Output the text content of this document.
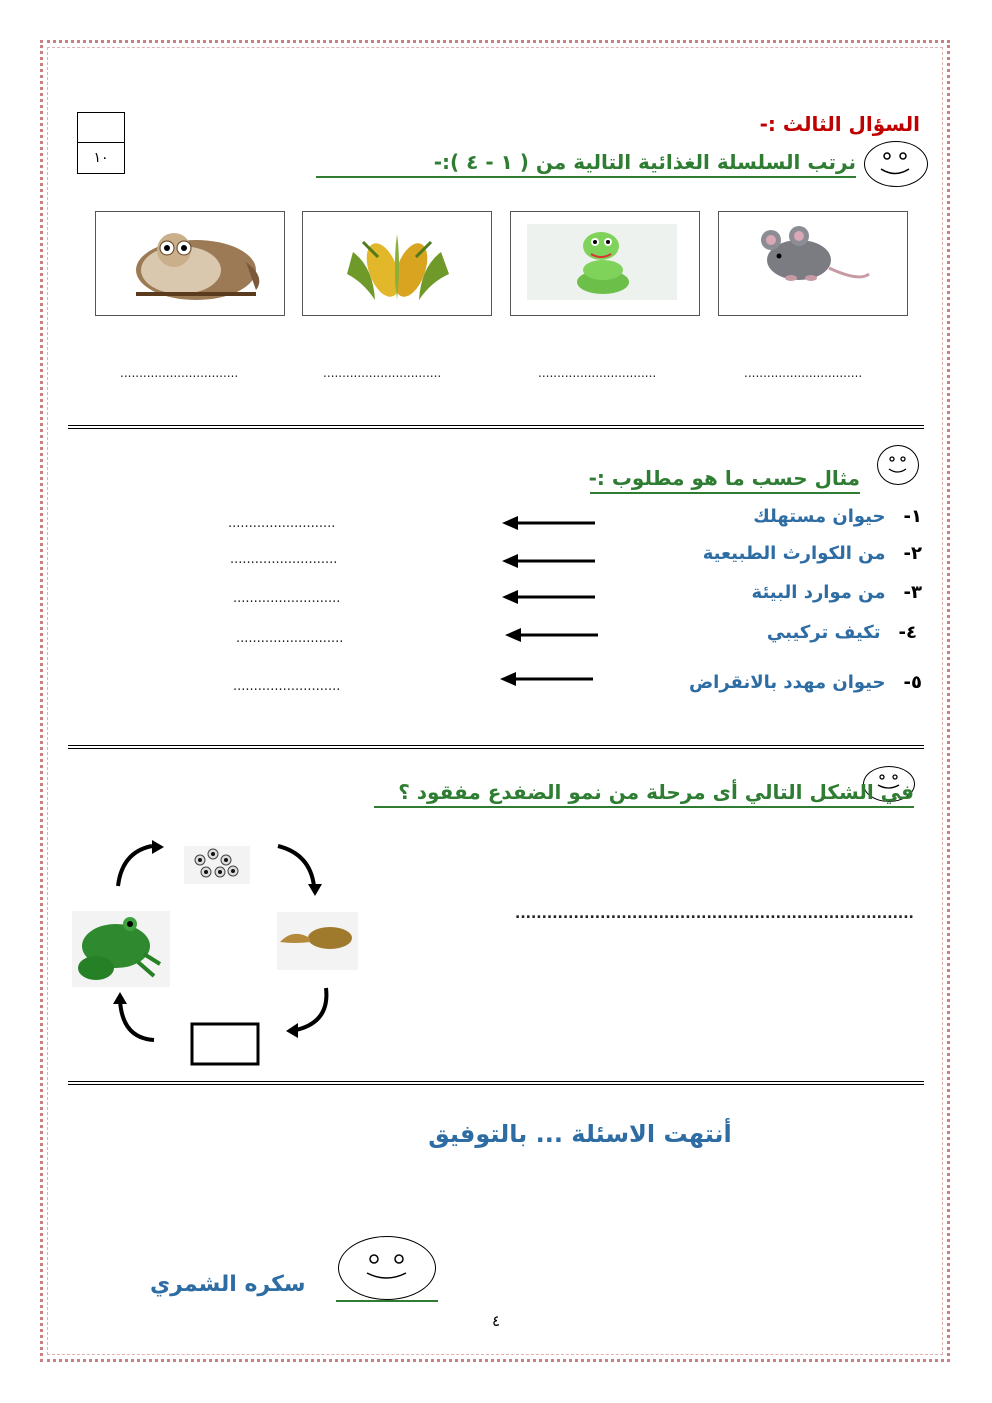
السؤال الثالث :-
١٠	نرتب السلسلة الغذائية التالية من ( ١ - ٤ ):-
...............................	...............................	...............................	...............................
مثال حسب ما هو مطلوب :-
١-حيوان مستهلك
٢-من الكوارث الطبيعية
٣-من موارد البيئة
٤-تكيف تركيبي
٥-حيوان مهدد بالانقراض
..........................
..........................
..........................
..........................
..........................
في الشكل التالي أى مرحلة من نمو الضفدع مفقود ؟
...........................................................................
أنتهت الاسئلة ... بالتوفيق
سكره الشمري
٤
